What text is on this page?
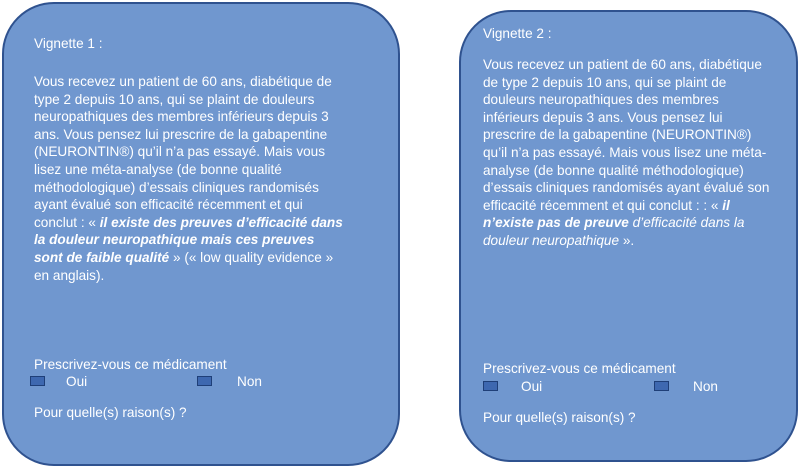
Vignette 1 :
Vous recevez un patient de 60 ans, diabétique de type 2 depuis 10 ans, qui se plaint de douleurs neuropathiques des membres inférieurs depuis 3 ans. Vous pensez lui prescrire de la gabapentine (NEURONTIN®) qu’il n’a pas essayé. Mais vous lisez une méta-analyse (de bonne qualité méthodologique) d’essais cliniques randomisés ayant évalué son efficacité récemment et qui conclut : « il existe des preuves d’efficacité dans la douleur neuropathique mais ces preuves sont de faible qualité » (« low quality evidence » en anglais).
Prescrivez-vous ce médicament
Oui	Non
Pour quelle(s) raison(s) ?
Vignette 2 :
Vous recevez un patient de 60 ans, diabétique de type 2 depuis 10 ans, qui se plaint de douleurs neuropathiques des membres inférieurs depuis 3 ans. Vous pensez lui prescrire de la gabapentine (NEURONTIN®) qu’il n’a pas essayé. Mais vous lisez une méta-analyse (de bonne qualité méthodologique) d’essais cliniques randomisés ayant évalué son efficacité récemment et qui conclut : : « il n’existe pas de preuve d’efficacité dans la douleur neuropathique ».
Prescrivez-vous ce médicament
Oui	Non
Pour quelle(s) raison(s) ?
